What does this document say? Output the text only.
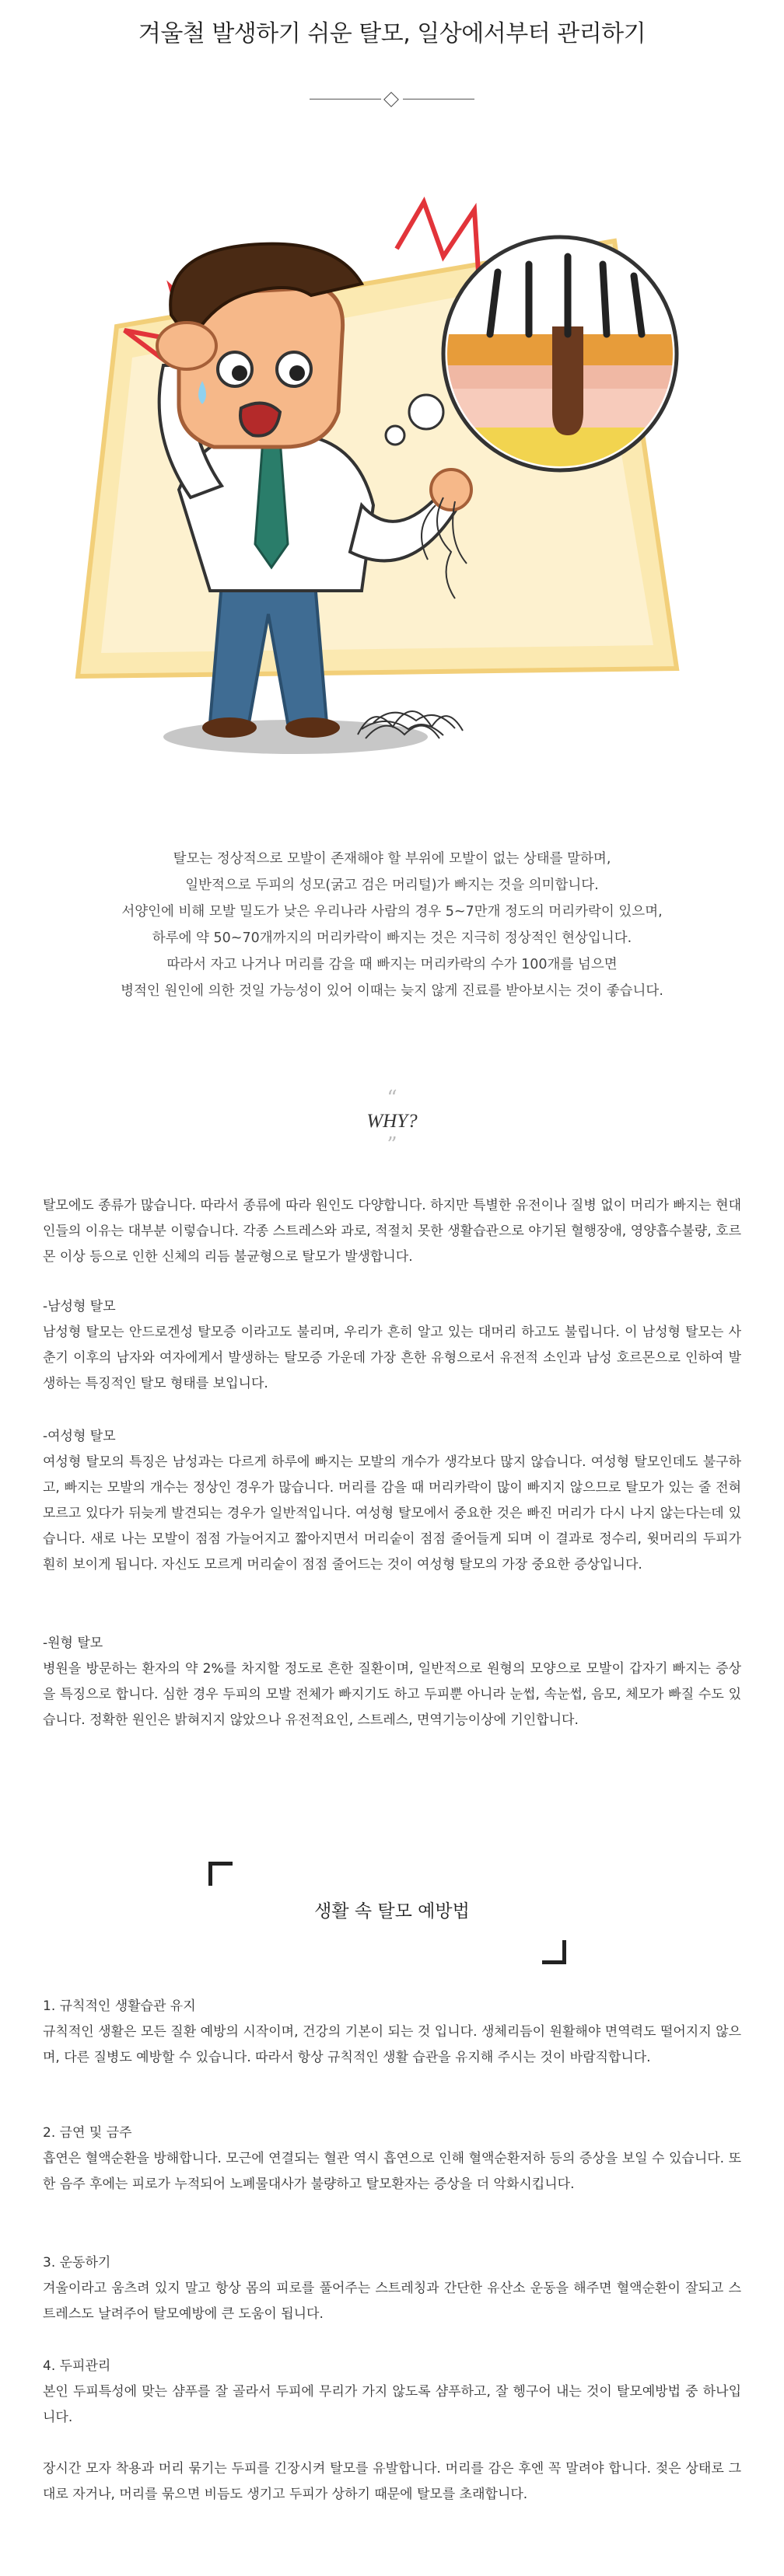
겨울철 발생하기 쉬운 탈모, 일상에서부터 관리하기
탈모는 정상적으로 모발이 존재해야 할 부위에 모발이 없는 상태를 말하며,
일반적으로 두피의 성모(굵고 검은 머리털)가 빠지는 것을 의미합니다.
서양인에 비해 모발 밀도가 낮은 우리나라 사람의 경우 5~7만개 정도의 머리카락이 있으며,
하루에 약 50~70개까지의 머리카락이 빠지는 것은 지극히 정상적인 현상입니다.
따라서 자고 나거나 머리를 감을 때 빠지는 머리카락의 수가 100개를 넘으면
병적인 원인에 의한 것일 가능성이 있어 이때는 늦지 않게 진료를 받아보시는 것이 좋습니다.
“
WHY?
”

탈모에도 종류가 많습니다. 따라서 종류에 따라 원인도 다양합니다. 하지만 특별한 유전이나 질병 없이 머리가 빠지는 현대인들의 이유는 대부분 이렇습니다. 각종 스트레스와 과로, 적절치 못한 생활습관으로 야기된 혈행장애, 영양흡수불량, 호르몬 이상 등으로 인한 신체의 리듬 불균형으로 탈모가 발생합니다.

-남성형 탈모

남성형 탈모는 안드로겐성 탈모증 이라고도 불리며, 우리가 흔히 알고 있는 대머리 하고도 불립니다. 이 남성형 탈모는 사춘기 이후의 남자와 여자에게서 발생하는 탈모증 가운데 가장 흔한 유형으로서 유전적 소인과 남성 호르몬으로 인하여 발생하는 특징적인 탈모 형태를 보입니다.

-여성형 탈모

여성형 탈모의 특징은 남성과는 다르게 하루에 빠지는 모발의 개수가 생각보다 많지 않습니다. 여성형 탈모인데도 불구하고, 빠지는 모발의 개수는 정상인 경우가 많습니다. 머리를 감을 때 머리카락이 많이 빠지지 않으므로 탈모가 있는 줄 전혀 모르고 있다가 뒤늦게 발견되는 경우가 일반적입니다. 여성형 탈모에서 중요한 것은 빠진 머리가 다시 나지 않는다는데 있습니다. 새로 나는 모발이 점점 가늘어지고 짧아지면서 머리숱이 점점 줄어들게 되며 이 결과로 정수리, 윗머리의 두피가 훤히 보이게 됩니다. 자신도 모르게 머리숱이 점점 줄어드는 것이 여성형 탈모의 가장 중요한 증상입니다.

-원형 탈모

병원을 방문하는 환자의 약 2%를 차지할 정도로 흔한 질환이며, 일반적으로 원형의 모양으로 모발이 갑자기 빠지는 증상을 특징으로 합니다. 심한 경우 두피의 모발 전체가 빠지기도 하고 두피뿐 아니라 눈썹, 속눈썹, 음모, 체모가 빠질 수도 있습니다. 정확한 원인은 밝혀지지 않았으나 유전적요인, 스트레스, 면역기능이상에 기인합니다.

생활 속 탈모 예방법

1. 규칙적인 생활습관 유지

규칙적인 생활은 모든 질환 예방의 시작이며, 건강의 기본이 되는 것 입니다. 생체리듬이 원활해야 면역력도 떨어지지 않으며, 다른 질병도 예방할 수 있습니다. 따라서 항상 규칙적인 생활 습관을 유지해 주시는 것이 바람직합니다.

2. 금연 및 금주

흡연은 혈액순환을 방해합니다. 모근에 연결되는 혈관 역시 흡연으로 인해 혈액순환저하 등의 증상을 보일 수 있습니다. 또한 음주 후에는 피로가 누적되어 노폐물대사가 불량하고 탈모환자는 증상을 더 악화시킵니다.

3. 운동하기

겨울이라고 움츠려 있지 말고 항상 몸의 피로를 풀어주는 스트레칭과 간단한 유산소 운동을 해주면 혈액순환이 잘되고 스트레스도 날려주어 탈모예방에 큰 도움이 됩니다.

4. 두피관리

본인 두피특성에 맞는 샴푸를 잘 골라서 두피에 무리가 가지 않도록 샴푸하고, 잘 헹구어 내는 것이 탈모예방법 중 하나입니다.

장시간 모자 착용과 머리 묶기는 두피를 긴장시켜 탈모를 유발합니다. 머리를 감은 후엔 꼭 말려야 합니다. 젖은 상태로 그대로 자거나, 머리를 묶으면 비듬도 생기고 두피가 상하기 때문에 탈모를 초래합니다.
